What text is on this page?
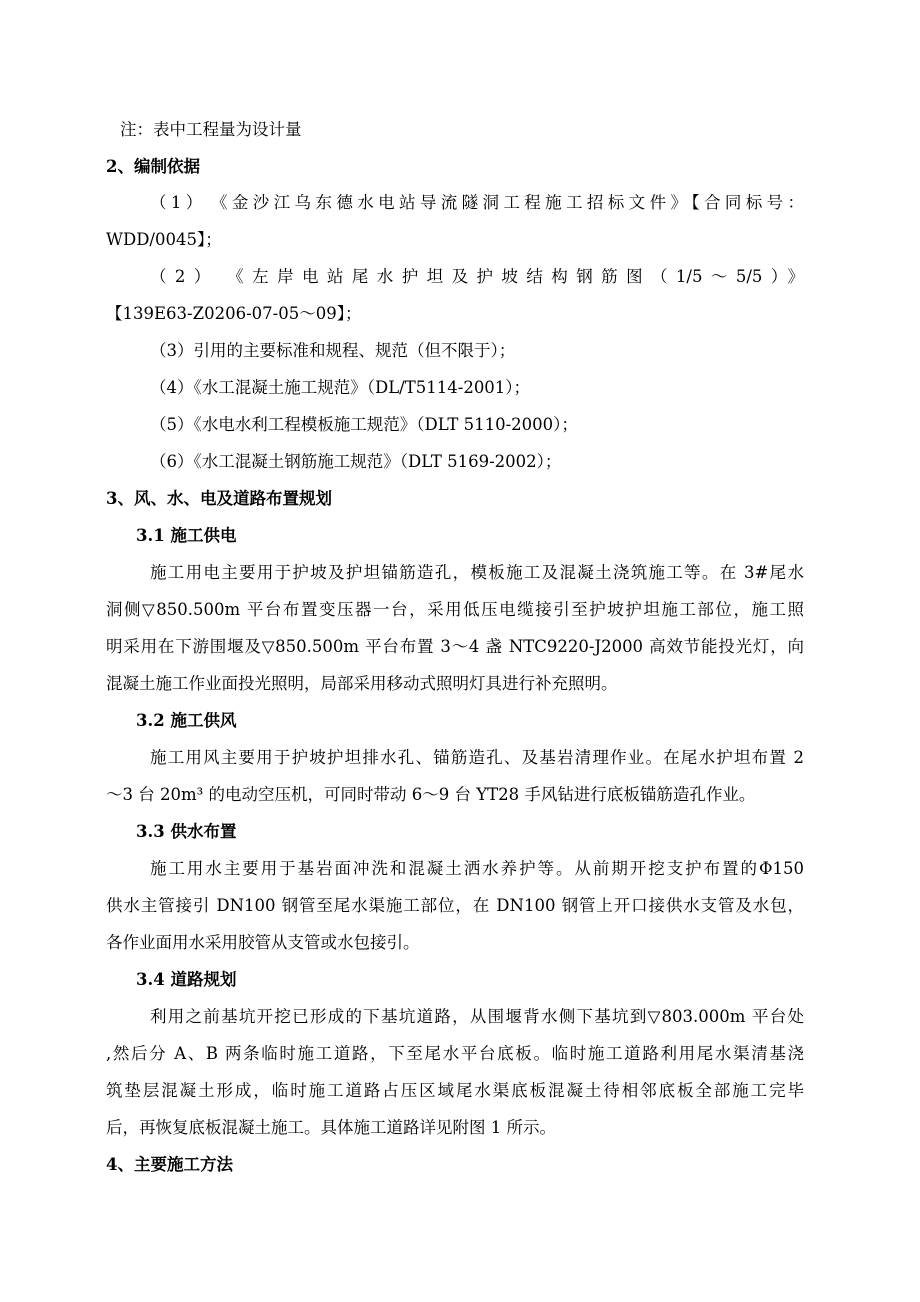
注：表中工程量为设计量
2、编制依据
（1）　《金沙江乌东德水电站导流隧洞工程施工招标文件》【合同标号：
WDD/0045】；
（2）　《左岸电站尾水护坦及护坡结构钢筋图（1/5～5/5）》
【139E63-Z0206-07-05～09】；
（3）引用的主要标准和规程、规范（但不限于）；
（4）《水工混凝土施工规范》（DL/T5114-2001）；
（5）《水电水利工程模板施工规范》（DLT 5110-2000）；
（6）《水工混凝土钢筋施工规范》（DLT 5169-2002）；
3、风、水、电及道路布置规划
3.1 施工供电
施工用电主要用于护坡及护坦锚筋造孔，模板施工及混凝土浇筑施工等。在 3#尾水
洞侧▽850.500m 平台布置变压器一台，采用低压电缆接引至护坡护坦施工部位，施工照
明采用在下游围堰及▽850.500m 平台布置 3～4 盏 NTC9220-J2000 高效节能投光灯，向
混凝土施工作业面投光照明，局部采用移动式照明灯具进行补充照明。
3.2 施工供风
施工用风主要用于护坡护坦排水孔、锚筋造孔、及基岩清理作业。在尾水护坦布置 2
～3 台 20m³ 的电动空压机，可同时带动 6～9 台 YT28 手风钻进行底板锚筋造孔作业。
3.3 供水布置
施工用水主要用于基岩面冲洗和混凝土洒水养护等。从前期开挖支护布置的Φ150
供水主管接引 DN100 钢管至尾水渠施工部位，在 DN100 钢管上开口接供水支管及水包，
各作业面用水采用胶管从支管或水包接引。
3.4 道路规划
利用之前基坑开挖已形成的下基坑道路，从围堰背水侧下基坑到▽803.000m 平台处
,然后分 A、B 两条临时施工道路，下至尾水平台底板。临时施工道路利用尾水渠清基浇
筑垫层混凝土形成，临时施工道路占压区域尾水渠底板混凝土待相邻底板全部施工完毕
后，再恢复底板混凝土施工。具体施工道路详见附图 1 所示。
4、主要施工方法
